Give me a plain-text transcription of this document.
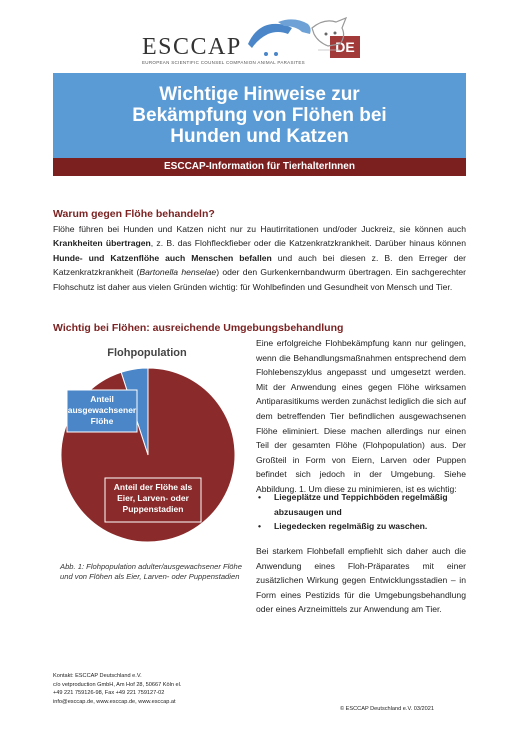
ESCCAP	DE
EUROPEAN SCIENTIFIC COUNSEL COMPANION ANIMAL PARASITES
Wichtige Hinweise zur
Bekämpfung von Flöhen bei
Hunden und Katzen
ESCCAP-Information für TierhalterInnen
Warum gegen Flöhe behandeln?
Flöhe führen bei Hunden und Katzen nicht nur zu Hautirritationen und/oder Juckreiz, sie können auch Krankheiten übertragen, z. B. das Flohfleckfieber oder die Katzenkratzkrankheit. Darüber hinaus können Hunde- und Katzenflöhe auch Menschen befallen und auch bei diesen z. B. den Erreger der Katzenkratzkrankheit (Bartonella henselae) oder den Gurkenkernbandwurm übertragen. Ein sachgerechter Flohschutz ist daher aus vielen Gründen wichtig: für Wohlbefinden und Gesundheit von Mensch und Tier.
Wichtig bei Flöhen: ausreichende Umgebungsbehandlung
Flohpopulation
Anteil ausgewachsener Flöhe
Anteil der Flöhe als Eier, Larven- oder Puppenstadien
Abb. 1: Flohpopulation adulter/ausgewachsener Flöhe und von Flöhen als Eier, Larven- oder Puppenstadien
Eine erfolgreiche Flohbekämpfung kann nur gelingen, wenn die Behandlungsmaßnahmen entsprechend dem Flohlebenszyklus angepasst und umgesetzt werden. Mit der Anwendung eines gegen Flöhe wirksamen Antiparasitikums werden zunächst lediglich die sich auf dem betreffenden Tier befindlichen ausgewachsenen Flöhe eliminiert. Diese machen allerdings nur einen Teil der gesamten Flöhe (Flohpopulation) aus. Der Großteil in Form von Eiern, Larven oder Puppen befindet sich jedoch in der Umgebung. Siehe Abbildung. 1. Um diese zu minimieren, ist es wichtig:
• Liegeplätze und Teppichböden regelmäßig abzusaugen und
• Liegedecken regelmäßig zu waschen.
Bei starkem Flohbefall empfiehlt sich daher auch die Anwendung eines Floh-Präparates mit einer zusätzlichen Wirkung gegen Entwicklungsstadien – in Form eines Pestizids für die Umgebungsbehandlung oder eines Arzneimittels zur Anwendung am Tier.
Kontakt: ESCCAP Deutschland e.V.
c/o vetproduction GmbH, Am Hof 28, 50667 Köln el.
+49 221 759126-98, Fax +49 221 759127-02
info@esccap.de, www.esccap.de, www.esccap.at
© ESCCAP Deutschland e.V. 03/2021
